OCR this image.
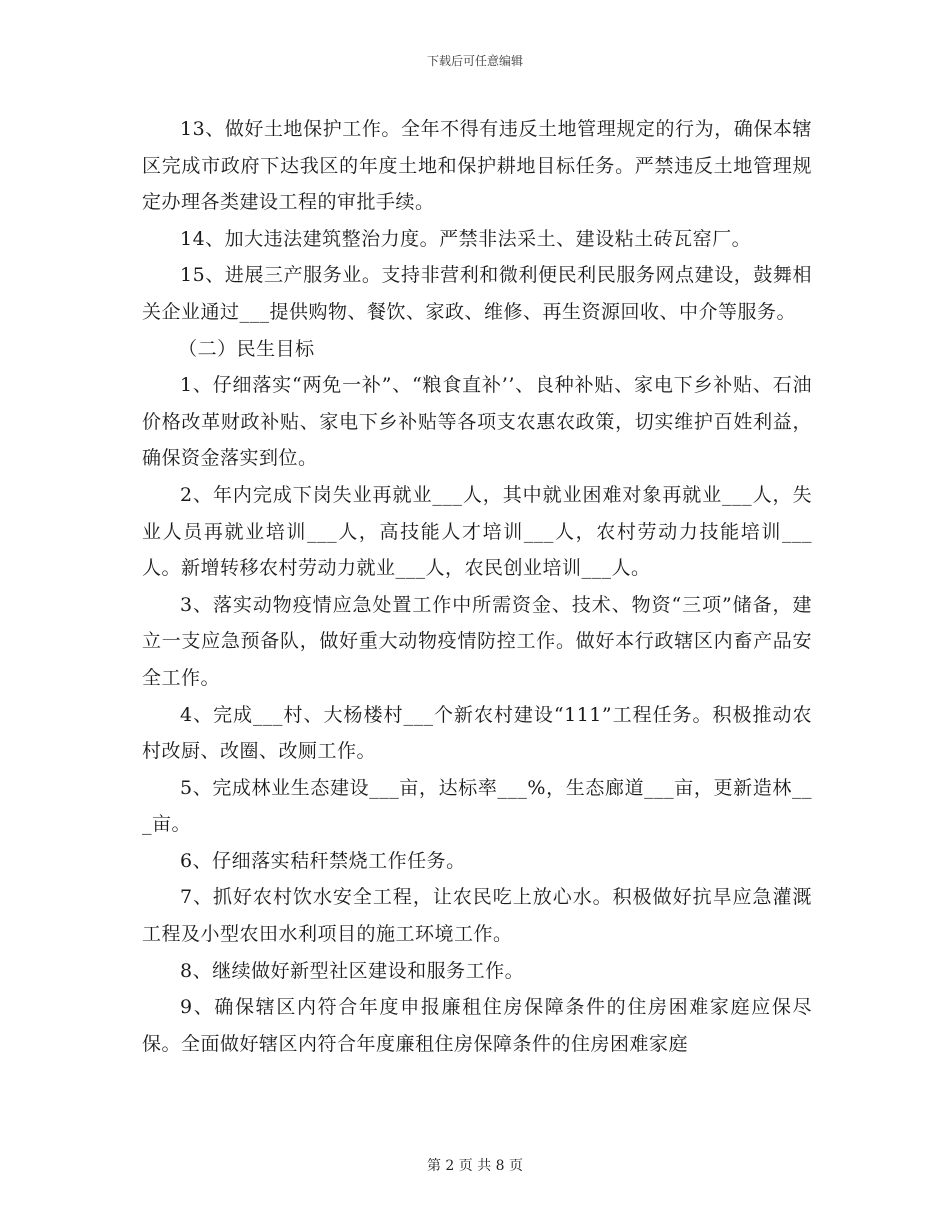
下载后可任意编辑

13、做好土地保护工作。全年不得有违反土地管理规定的行为，确保本辖区完成市政府下达我区的年度土地和保护耕地目标任务。严禁违反土地管理规定办理各类建设工程的审批手续。

14、加大违法建筑整治力度。严禁非法采土、建设粘土砖瓦窑厂。

15、进展三产服务业。支持非营利和微利便民利民服务网点建设，鼓舞相关企业通过___提供购物、餐饮、家政、维修、再生资源回收、中介等服务。

（二）民生目标

1、仔细落实“两免一补”、“粮食直补’’、良种补贴、家电下乡补贴、石油价格改革财政补贴、家电下乡补贴等各项支农惠农政策，切实维护百姓利益，确保资金落实到位。

2、年内完成下岗失业再就业___人，其中就业困难对象再就业___人，失业人员再就业培训___人，高技能人才培训___人，农村劳动力技能培训___人。新增转移农村劳动力就业___人，农民创业培训___人。

3、落实动物疫情应急处置工作中所需资金、技术、物资“三项”储备，建立一支应急预备队，做好重大动物疫情防控工作。做好本行政辖区内畜产品安全工作。

4、完成___村、大杨楼村___个新农村建设“111”工程任务。积极推动农村改厨、改圈、改厕工作。

5、完成林业生态建设___亩，达标率___%，生态廊道___亩，更新造林___亩。

6、仔细落实秸秆禁烧工作任务。

7、抓好农村饮水安全工程，让农民吃上放心水。积极做好抗旱应急灌溉工程及小型农田水利项目的施工环境工作。

8、继续做好新型社区建设和服务工作。

9、确保辖区内符合年度申报廉租住房保障条件的住房困难家庭应保尽保。全面做好辖区内符合年度廉租住房保障条件的住房困难家庭

第 2 页 共 8 页
